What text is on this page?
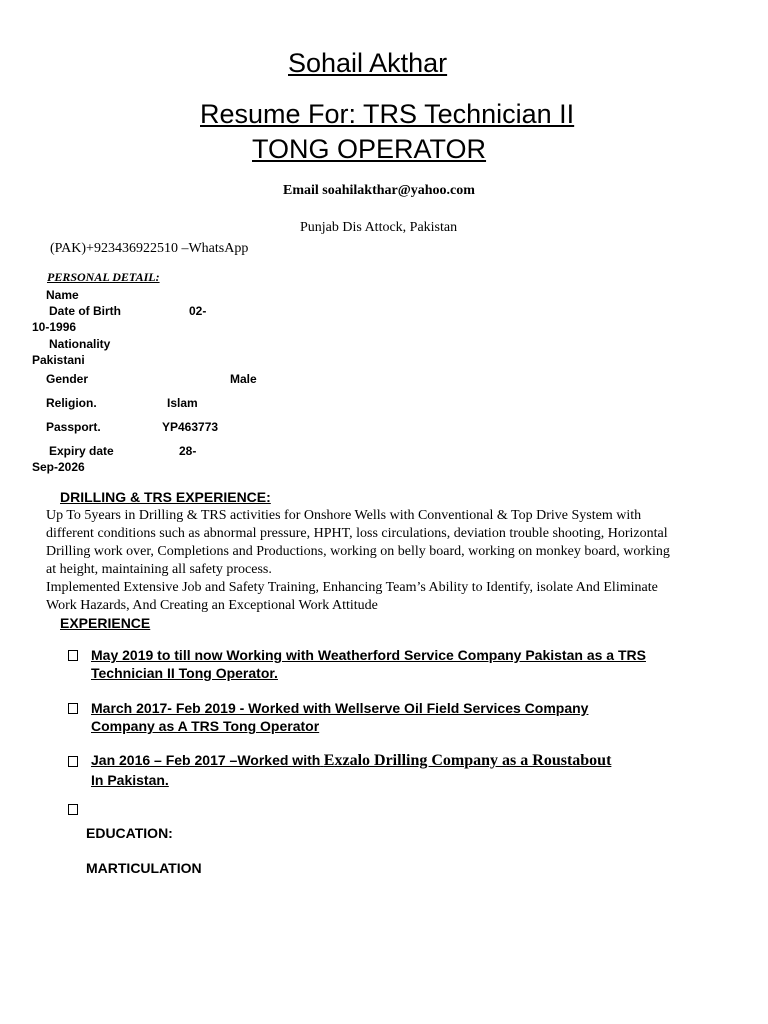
Sohail Akthar
Resume For: TRS Technician II
TONG OPERATOR
Email soahilakthar@yahoo.com
Punjab Dis Attock, Pakistan
(PAK)+923436922510 –WhatsApp
PERSONAL DETAIL:
Name
Date of Birth	02-
10-1996
Nationality
Pakistani
Gender	Male
Religion.	Islam
Passport.	YP463773
Expiry date	28-
Sep-2026
DRILLING & TRS EXPERIENCE:
Up To 5years in Drilling & TRS activities for Onshore Wells with Conventional & Top Drive System with
different conditions such as abnormal pressure, HPHT, loss circulations, deviation trouble shooting, Horizontal
Drilling work over, Completions and Productions, working on belly board, working on monkey board, working
at height, maintaining all safety process.
Implemented Extensive Job and Safety Training, Enhancing Team’s Ability to Identify, isolate And Eliminate
Work Hazards, And Creating an Exceptional Work Attitude
EXPERIENCE
May 2019 to till now Working with Weatherford Service Company Pakistan as a TRS
Technician II Tong Operator.
March 2017- Feb 2019 - Worked with Wellserve Oil Field Services Company
Company as A TRS Tong Operator
Jan 2016 – Feb 2017 –Worked with Exzalo Drilling Company as a Roustabout
In Pakistan.
EDUCATION:
MARTICULATION
